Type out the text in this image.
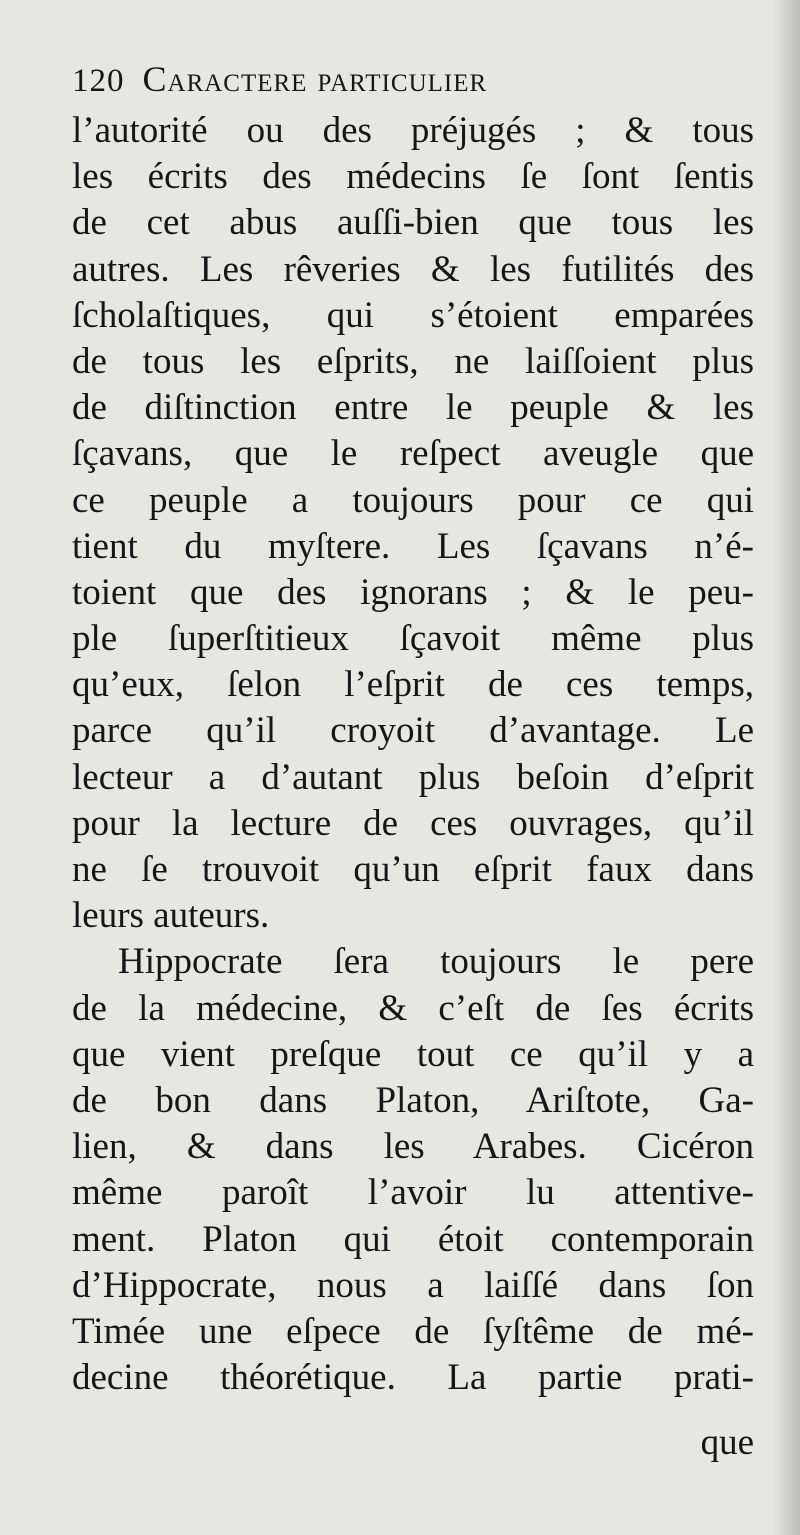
120 Caractere particulier
l’autorité ou des préjugés ; & tous
les écrits des médecins ſe ſont ſentis
de cet abus auſſi-bien que tous les
autres. Les rêveries & les futilités des
ſcholaſtiques, qui s’étoient emparées
de tous les eſprits, ne laiſſoient plus
de diſtinction entre le peuple & les
ſçavans, que le reſpect aveugle que
ce peuple a toujours pour ce qui
tient du myſtere. Les ſçavans n’é-
toient que des ignorans ; & le peu-
ple ſuperſtitieux ſçavoit même plus
qu’eux, ſelon l’eſprit de ces temps,
parce qu’il croyoit d’avantage. Le
lecteur a d’autant plus beſoin d’eſprit
pour la lecture de ces ouvrages, qu’il
ne ſe trouvoit qu’un eſprit faux dans
leurs auteurs.
Hippocrate ſera toujours le pere
de la médecine, & c’eſt de ſes écrits
que vient preſque tout ce qu’il y a
de bon dans Platon, Ariſtote, Ga-
lien, & dans les Arabes. Cicéron
même paroît l’avoir lu attentive-
ment. Platon qui étoit contemporain
d’Hippocrate, nous a laiſſé dans ſon
Timée une eſpece de ſyſtême de mé-
decine théorétique. La partie prati-
que
